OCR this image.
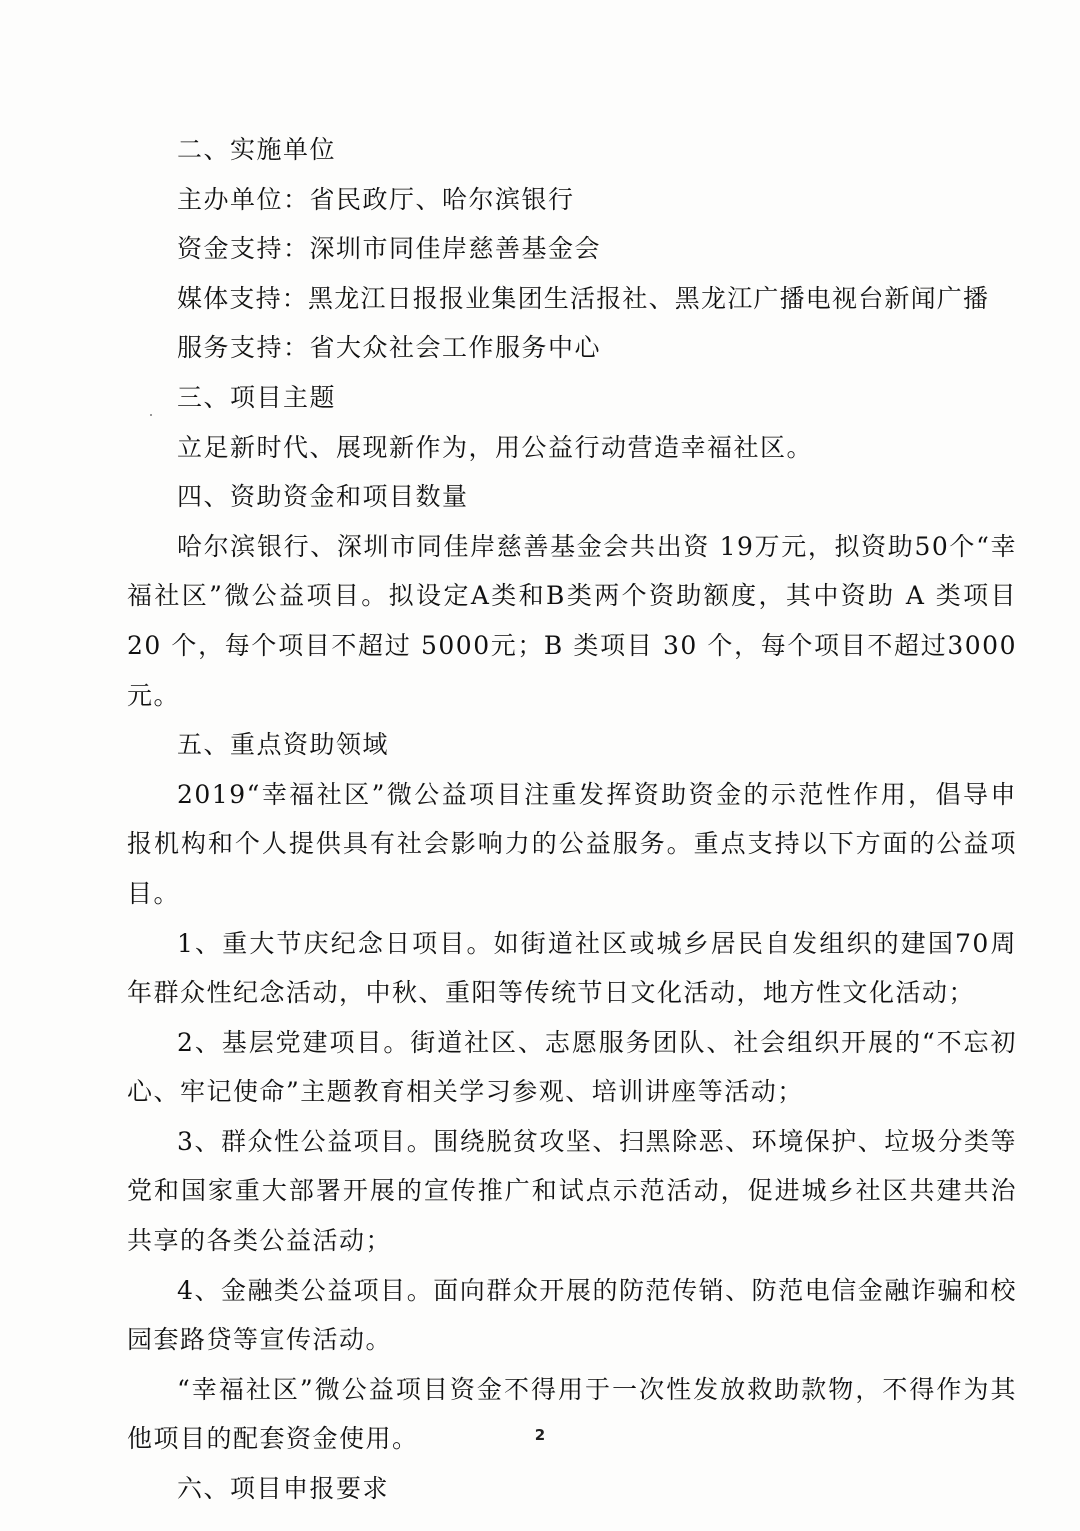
二、实施单位

主办单位：省民政厅、哈尔滨银行

资金支持：深圳市同佳岸慈善基金会

媒体支持：黑龙江日报报业集团生活报社、黑龙江广播电视台新闻广播

服务支持：省大众社会工作服务中心

三、项目主题

立足新时代、展现新作为，用公益行动营造幸福社区。

四、资助资金和项目数量

哈尔滨银行、深圳市同佳岸慈善基金会共出资 19万元，拟资助50个“幸福社区”微公益项目。拟设定A类和B类两个资助额度，其中资助 A 类项目 20 个，每个项目不超过 5000元；B 类项目 30 个，每个项目不超过3000 元。

五、重点资助领域

2019“幸福社区”微公益项目注重发挥资助资金的示范性作用，倡导申报机构和个人提供具有社会影响力的公益服务。重点支持以下方面的公益项目。

1、重大节庆纪念日项目。如街道社区或城乡居民自发组织的建国70周年群众性纪念活动，中秋、重阳等传统节日文化活动，地方性文化活动；

2、基层党建项目。街道社区、志愿服务团队、社会组织开展的“不忘初心、牢记使命”主题教育相关学习参观、培训讲座等活动；

3、群众性公益项目。围绕脱贫攻坚、扫黑除恶、环境保护、垃圾分类等党和国家重大部署开展的宣传推广和试点示范活动，促进城乡社区共建共治共享的各类公益活动；

4、金融类公益项目。面向群众开展的防范传销、防范电信金融诈骗和校园套路贷等宣传活动。

“幸福社区”微公益项目资金不得用于一次性发放救助款物，不得作为其他项目的配套资金使用。

六、项目申报要求

2
